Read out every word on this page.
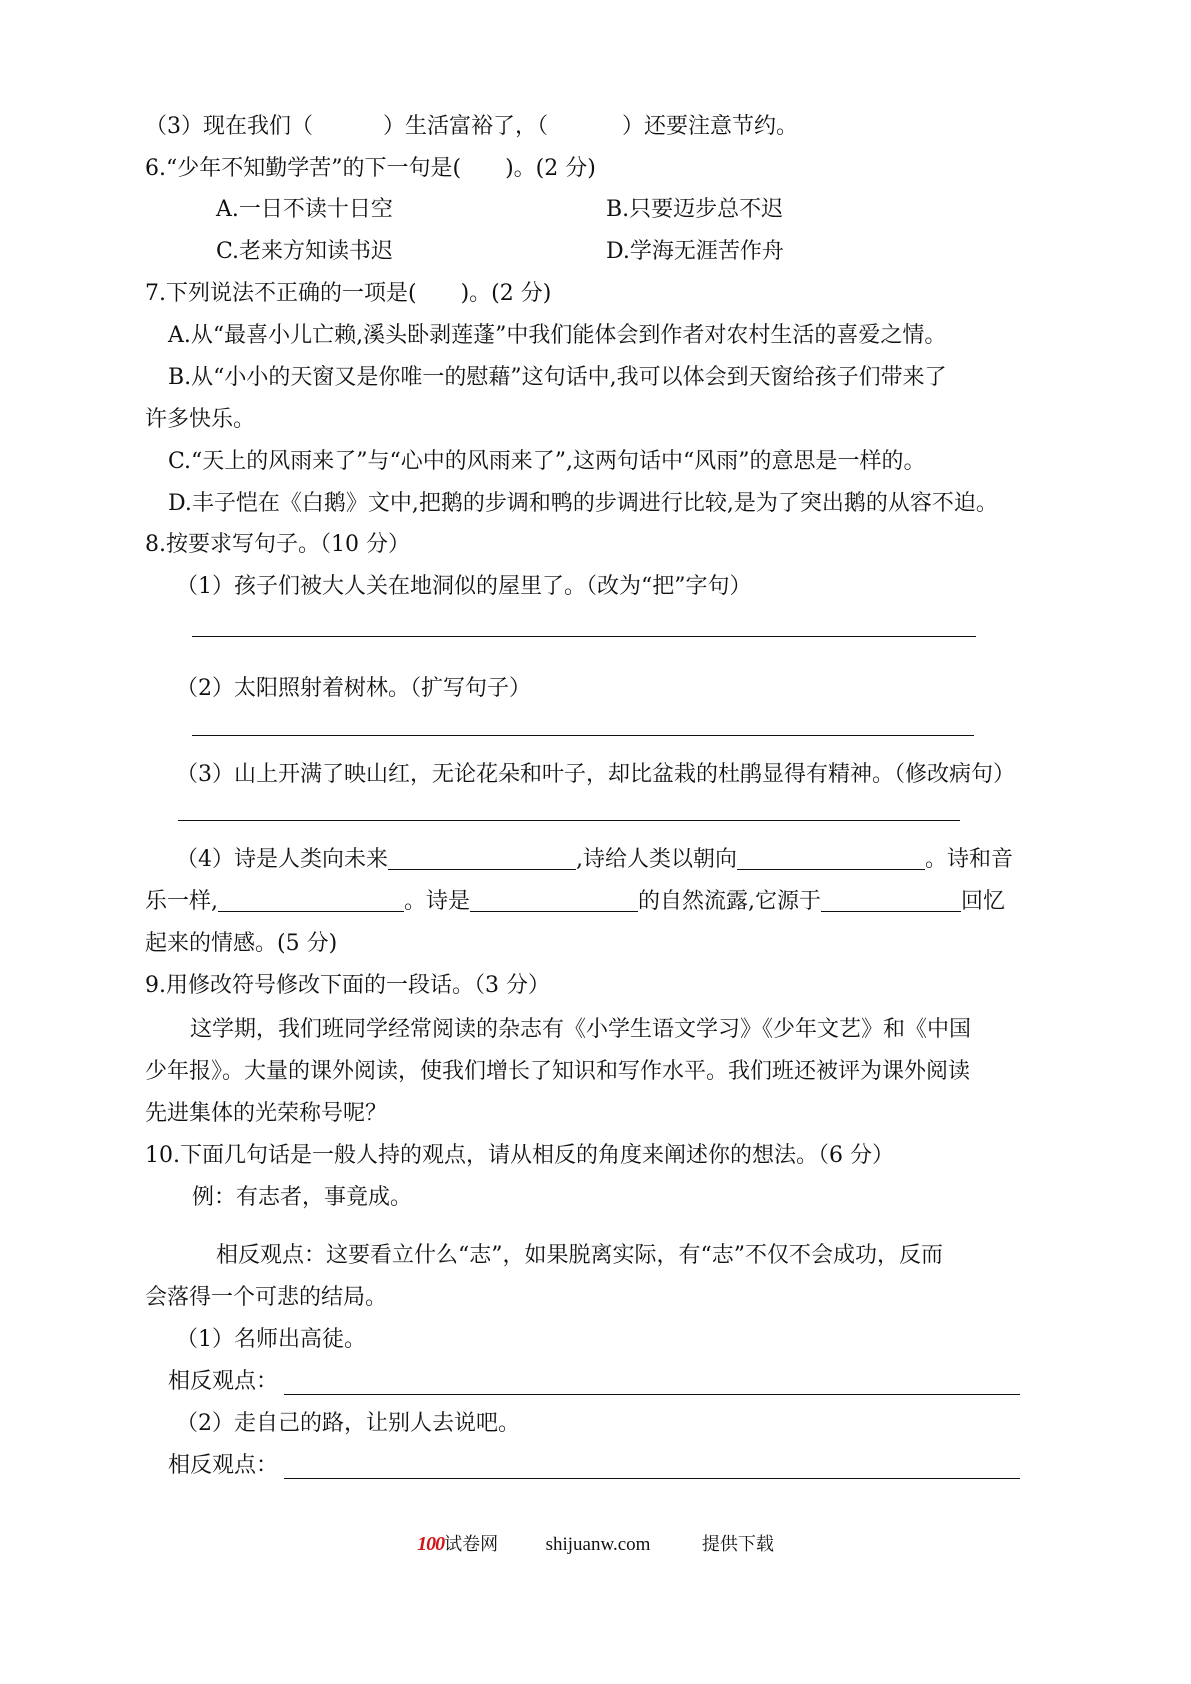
（3）现在我们（	）生活富裕了，（	）还要注意节约。
6.“少年不知勤学苦”的下一句是(　　)。(2 分)
A.一日不读十日空	B.只要迈步总不迟
C.老来方知读书迟	D.学海无涯苦作舟
7.下列说法不正确的一项是(　　)。(2 分)
A.从“最喜小儿亡赖,溪头卧剥莲蓬”中我们能体会到作者对农村生活的喜爱之情。
B.从“小小的天窗又是你唯一的慰藉”这句话中,我可以体会到天窗给孩子们带来了
许多快乐。
C.“天上的风雨来了”与“心中的风雨来了”,这两句话中“风雨”的意思是一样的。
D.丰子恺在《白鹅》文中,把鹅的步调和鸭的步调进行比较,是为了突出鹅的从容不迫。
8.按要求写句子。（10 分）
（1）孩子们被大人关在地洞似的屋里了。（改为“把”字句）
（2）太阳照射着树林。（扩写句子）
（3）山上开满了映山红，无论花朵和叶子，却比盆栽的杜鹃显得有精神。（修改病句）
（4）诗是人类向未来	,诗给人类以朝向	。诗和音
乐一样,	。诗是	的自然流露,它源于	回忆
起来的情感。(5 分)
9.用修改符号修改下面的一段话。（3 分）
这学期，我们班同学经常阅读的杂志有《小学生语文学习》《少年文艺》和《中国
少年报》。大量的课外阅读，使我们增长了知识和写作水平。我们班还被评为课外阅读
先进集体的光荣称号呢？
10.下面几句话是一般人持的观点，请从相反的角度来阐述你的想法。（6 分）
例：有志者，事竟成。
相反观点：这要看立什么“志”，如果脱离实际，有“志”不仅不会成功，反而
会落得一个可悲的结局。
（1）名师出高徒。
相反观点：
（2）走自己的路，让别人去说吧。
相反观点：
100试卷网 shijuanw.com	提供下载
